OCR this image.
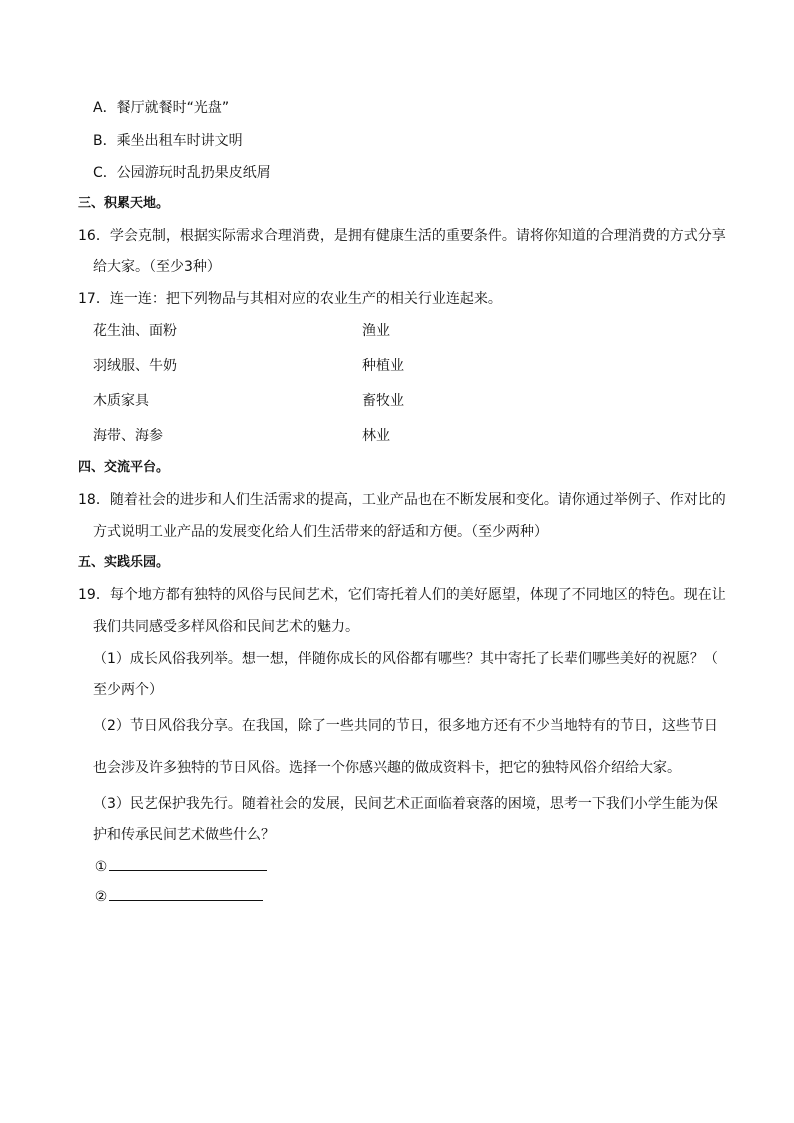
A．餐厅就餐时“光盘”
B．乘坐出租车时讲文明
C．公园游玩时乱扔果皮纸屑
三、积累天地。
16．学会克制，根据实际需求合理消费，是拥有健康生活的重要条件。请将你知道的合理消费的方式分享
给大家。（至少3种）
17．连一连：把下列物品与其相对应的农业生产的相关行业连起来。
花生油、面粉	渔业
羽绒服、牛奶	种植业
木质家具	畜牧业
海带、海参	林业
四、交流平台。
18．随着社会的进步和人们生活需求的提高，工业产品也在不断发展和变化。请你通过举例子、作对比的
方式说明工业产品的发展变化给人们生活带来的舒适和方便。（至少两种）
五、实践乐园。
19．每个地方都有独特的风俗与民间艺术，它们寄托着人们的美好愿望，体现了不同地区的特色。现在让
我们共同感受多样风俗和民间艺术的魅力。
（1）成长风俗我列举。想一想，伴随你成长的风俗都有哪些？其中寄托了长辈们哪些美好的祝愿？（
至少两个）
（2）节日风俗我分享。在我国，除了一些共同的节日，很多地方还有不少当地特有的节日，这些节日
也会涉及许多独特的节日风俗。选择一个你感兴趣的做成资料卡，把它的独特风俗介绍给大家。
（3）民艺保护我先行。随着社会的发展，民间艺术正面临着衰落的困境，思考一下我们小学生能为保
护和传承民间艺术做些什么？
①
②
